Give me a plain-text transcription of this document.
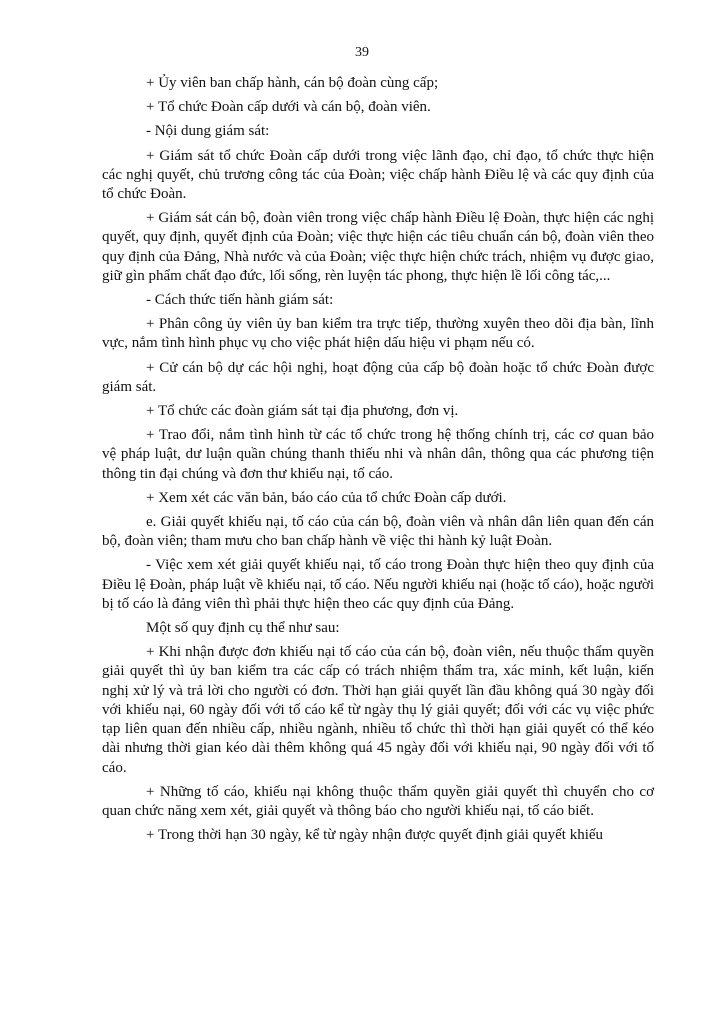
39

+ Ủy viên ban chấp hành, cán bộ đoàn cùng cấp;

+ Tổ chức Đoàn cấp dưới và cán bộ, đoàn viên.

- Nội dung giám sát:

+ Giám sát tổ chức Đoàn cấp dưới trong việc lãnh đạo, chỉ đạo, tổ chức thực hiện các nghị quyết, chủ trương công tác của Đoàn; việc chấp hành Điều lệ và các quy định của tổ chức Đoàn.

+ Giám sát cán bộ, đoàn viên trong việc chấp hành Điều lệ Đoàn, thực hiện các nghị quyết, quy định, quyết định của Đoàn; việc thực hiện các tiêu chuẩn cán bộ, đoàn viên theo quy định của Đảng, Nhà nước và của Đoàn; việc thực hiện chức trách, nhiệm vụ được giao, giữ gìn phẩm chất đạo đức, lối sống, rèn luyện tác phong, thực hiện lề lối công tác,...

- Cách thức tiến hành giám sát:

+ Phân công ủy viên ủy ban kiểm tra trực tiếp, thường xuyên theo dõi địa bàn, lĩnh vực, nắm tình hình phục vụ cho việc phát hiện dấu hiệu vi phạm nếu có.

+ Cử cán bộ dự các hội nghị, hoạt động của cấp bộ đoàn hoặc tổ chức Đoàn được giám sát.

+ Tổ chức các đoàn giám sát tại địa phương, đơn vị.

+ Trao đổi, nắm tình hình từ các tổ chức trong hệ thống chính trị, các cơ quan bảo vệ pháp luật, dư luận quần chúng thanh thiếu nhi và nhân dân, thông qua các phương tiện thông tin đại chúng và đơn thư khiếu nại, tố cáo.

+ Xem xét các văn bản, báo cáo của tổ chức Đoàn cấp dưới.

e. Giải quyết khiếu nại, tố cáo của cán bộ, đoàn viên và nhân dân liên quan đến cán bộ, đoàn viên; tham mưu cho ban chấp hành về việc thi hành kỷ luật Đoàn.

- Việc xem xét giải quyết khiếu nại, tố cáo trong Đoàn thực hiện theo quy định của Điều lệ Đoàn, pháp luật về khiếu nại, tố cáo. Nếu người khiếu nại (hoặc tố cáo), hoặc người bị tố cáo là đảng viên thì phải thực hiện theo các quy định của Đảng.

Một số quy định cụ thể như sau:

+ Khi nhận được đơn khiếu nại tố cáo của cán bộ, đoàn viên, nếu thuộc thẩm quyền giải quyết thì ủy ban kiểm tra các cấp có trách nhiệm thẩm tra, xác minh, kết luận, kiến nghị xử lý và trả lời cho người có đơn. Thời hạn giải quyết lần đầu không quá 30 ngày đối với khiếu nại, 60 ngày đối với tố cáo kể từ ngày thụ lý giải quyết; đối với các vụ việc phức tạp liên quan đến nhiều cấp, nhiều ngành, nhiều tổ chức thì thời hạn giải quyết có thể kéo dài nhưng thời gian kéo dài thêm không quá 45 ngày đối với khiếu nại, 90 ngày đối với tố cáo.

+ Những tố cáo, khiếu nại không thuộc thẩm quyền giải quyết thì chuyển cho cơ quan chức năng xem xét, giải quyết và thông báo cho người khiếu nại, tố cáo biết.

+ Trong thời hạn 30 ngày, kể từ ngày nhận được quyết định giải quyết khiếu
